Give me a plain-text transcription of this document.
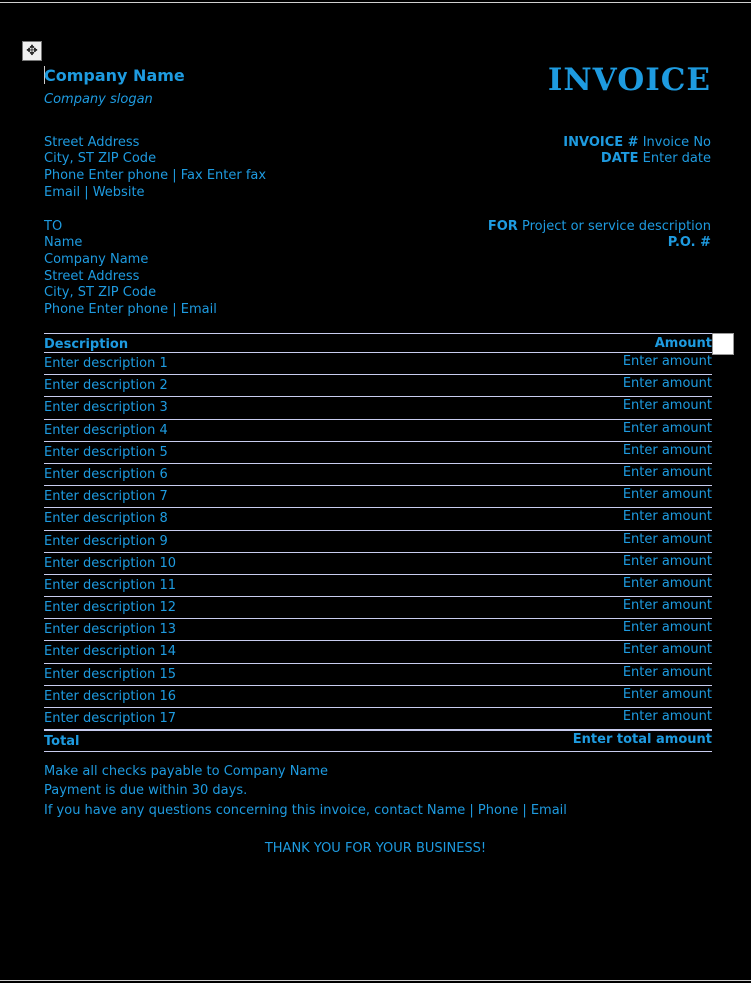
✥
Company Name
Company slogan
INVOICE
Street Address
City, ST ZIP Code
Phone Enter phone | Fax Enter fax
Email | Website
INVOICE # Invoice No
DATE Enter date
TO
Name
Company Name
Street Address
City, ST ZIP Code
Phone Enter phone | Email
FOR Project or service description
P.O. #
Description	Amount
Enter description 1	Enter amount
Enter description 2	Enter amount
Enter description 3	Enter amount
Enter description 4	Enter amount
Enter description 5	Enter amount
Enter description 6	Enter amount
Enter description 7	Enter amount
Enter description 8	Enter amount
Enter description 9	Enter amount
Enter description 10	Enter amount
Enter description 11	Enter amount
Enter description 12	Enter amount
Enter description 13	Enter amount
Enter description 14	Enter amount
Enter description 15	Enter amount
Enter description 16	Enter amount
Enter description 17	Enter amount
Total	Enter total amount
Make all checks payable to Company Name
Payment is due within 30 days.
If you have any questions concerning this invoice, contact Name | Phone | Email
THANK YOU FOR YOUR BUSINESS!
